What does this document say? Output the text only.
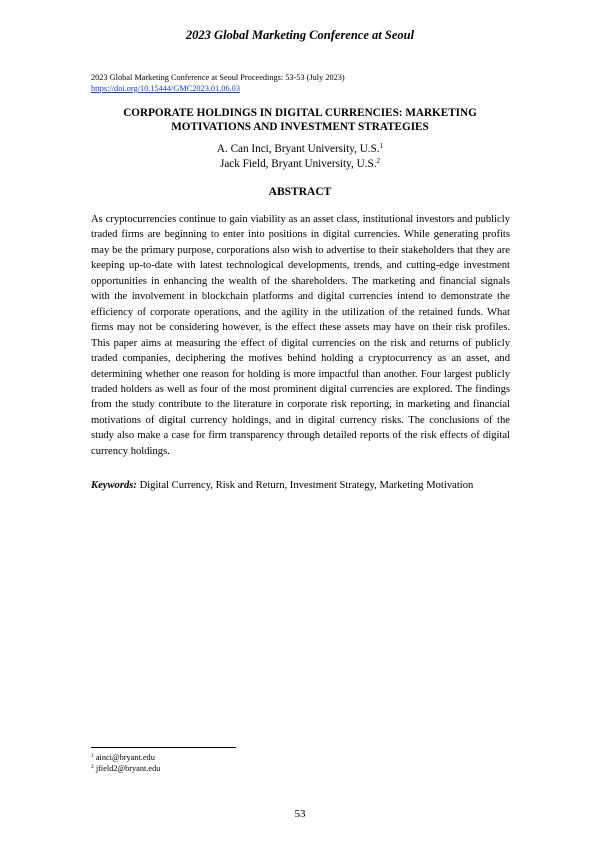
2023 Global Marketing Conference at Seoul
2023 Global Marketing Conference at Seoul Proceedings: 53-53 (July 2023)
https://doi.org/10.15444/GMC2023.01.06.03
CORPORATE HOLDINGS IN DIGITAL CURRENCIES: MARKETING
MOTIVATIONS AND INVESTMENT STRATEGIES
A. Can Inci, Bryant University, U.S.$^1$
Jack Field, Bryant University, U.S.$^2$
ABSTRACT

As cryptocurrencies continue to gain viability as an asset class, institutional investors and publicly traded firms are beginning to enter into positions in digital currencies. While generating profits may be the primary purpose, corporations also wish to advertise to their stakeholders that they are keeping up-to-date with latest technological developments, trends, and cutting-edge investment opportunities in enhancing the wealth of the shareholders. The marketing and financial signals with the involvement in blockchain platforms and digital currencies intend to demonstrate the efficiency of corporate operations, and the agility in the utilization of the retained funds. What firms may not be considering however, is the effect these assets may have on their risk profiles. This paper aims at measuring the effect of digital currencies on the risk and returns of publicly traded companies, deciphering the motives behind holding a cryptocurrency as an asset, and determining whether one reason for holding is more impactful than another. Four largest publicly traded holders as well as four of the most prominent digital currencies are explored. The findings from the study contribute to the literature in corporate risk reporting, in marketing and financial motivations of digital currency holdings, and in digital currency risks. The conclusions of the study also make a case for firm transparency through detailed reports of the risk effects of digital currency holdings.

Keywords: Digital Currency, Risk and Return, Investment Strategy, Marketing Motivation

$^1$ ainci@bryant.edu
$^2$ jfield2@bryant.edu
53
